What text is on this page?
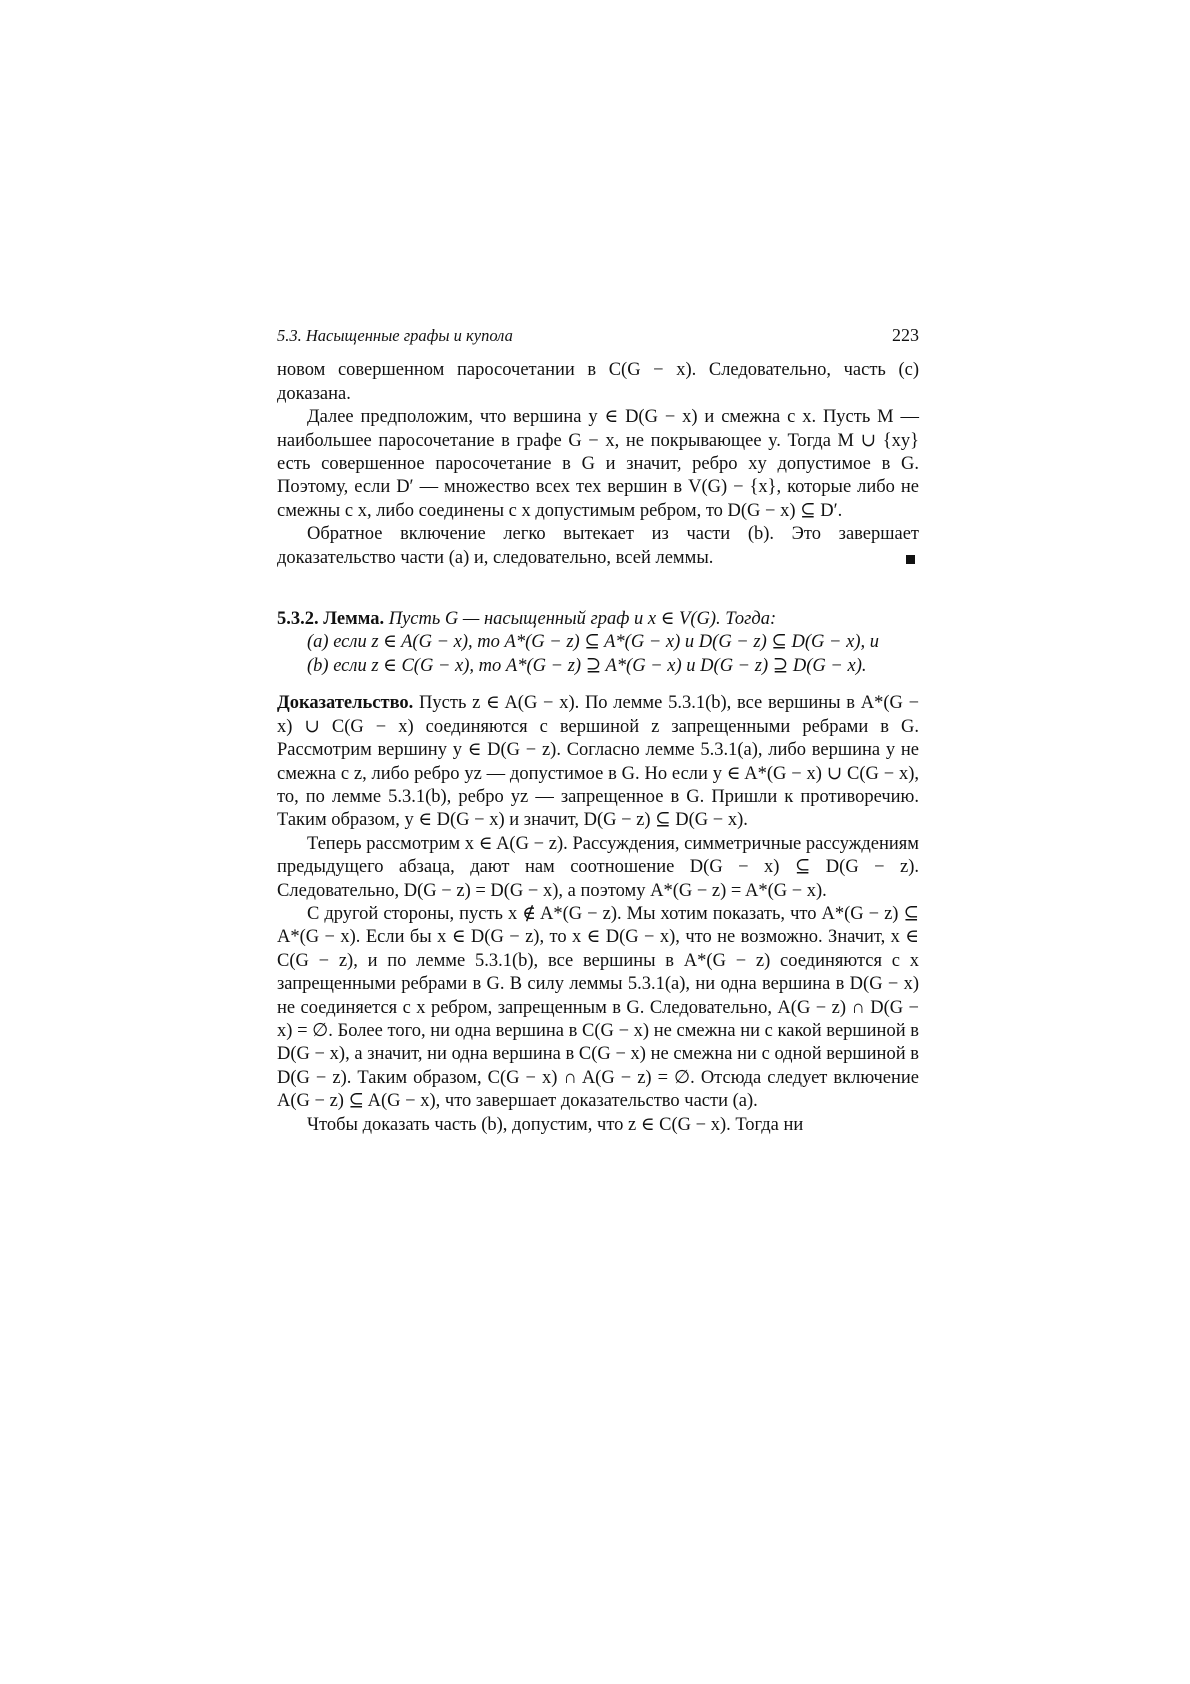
5.3. Насыщенные графы и купола	223

новом совершенном паросочетании в C(G − x). Следовательно, часть (c) доказана.

Далее предположим, что вершина y ∈ D(G − x) и смежна с x. Пусть M — наибольшее паросочетание в графе G − x, не покрывающее y. Тогда M ∪ {xy} есть совершенное паросочетание в G и значит, ребро xy допустимое в G. Поэтому, если D′ — множество всех тех вершин в V(G) − {x}, которые либо не смежны с x, либо соединены с x допустимым ребром, то D(G − x) ⊆ D′.

Обратное включение легко вытекает из части (b). Это завершает доказательство части (a) и, следовательно, всей леммы.

5.3.2. Лемма. Пусть G — насыщенный граф и x ∈ V(G). Тогда:

(a) если z ∈ A(G − x), то A*(G − z) ⊆ A*(G − x) и D(G − z) ⊆ D(G − x), и

(b) если z ∈ C(G − x), то A*(G − z) ⊇ A*(G − x) и D(G − z) ⊇ D(G − x).

Доказательство. Пусть z ∈ A(G − x). По лемме 5.3.1(b), все вершины в A*(G − x) ∪ C(G − x) соединяются с вершиной z запрещенными ребрами в G. Рассмотрим вершину y ∈ D(G − z). Согласно лемме 5.3.1(a), либо вершина y не смежна с z, либо ребро yz — допустимое в G. Но если y ∈ A*(G − x) ∪ C(G − x), то, по лемме 5.3.1(b), ребро yz — запрещенное в G. Пришли к противоречию. Таким образом, y ∈ D(G − x) и значит, D(G − z) ⊆ D(G − x).

Теперь рассмотрим x ∈ A(G − z). Рассуждения, симметричные рассуждениям предыдущего абзаца, дают нам соотношение D(G − x) ⊆ D(G − z). Следовательно, D(G − z) = D(G − x), а поэтому A*(G − z) = A*(G − x).

С другой стороны, пусть x ∉ A*(G − z). Мы хотим показать, что A*(G − z) ⊆ A*(G − x). Если бы x ∈ D(G − z), то x ∈ D(G − x), что не возможно. Значит, x ∈ C(G − z), и по лемме 5.3.1(b), все вершины в A*(G − z) соединяются с x запрещенными ребрами в G. В силу леммы 5.3.1(a), ни одна вершина в D(G − x) не соединяется с x ребром, запрещенным в G. Следовательно, A(G − z) ∩ D(G − x) = ∅. Более того, ни одна вершина в C(G − x) не смежна ни с какой вершиной в D(G − x), а значит, ни одна вершина в C(G − x) не смежна ни с одной вершиной в D(G − z). Таким образом, C(G − x) ∩ A(G − z) = ∅. Отсюда следует включение A(G − z) ⊆ A(G − x), что завершает доказательство части (a).

Чтобы доказать часть (b), допустим, что z ∈ C(G − x). Тогда ни
